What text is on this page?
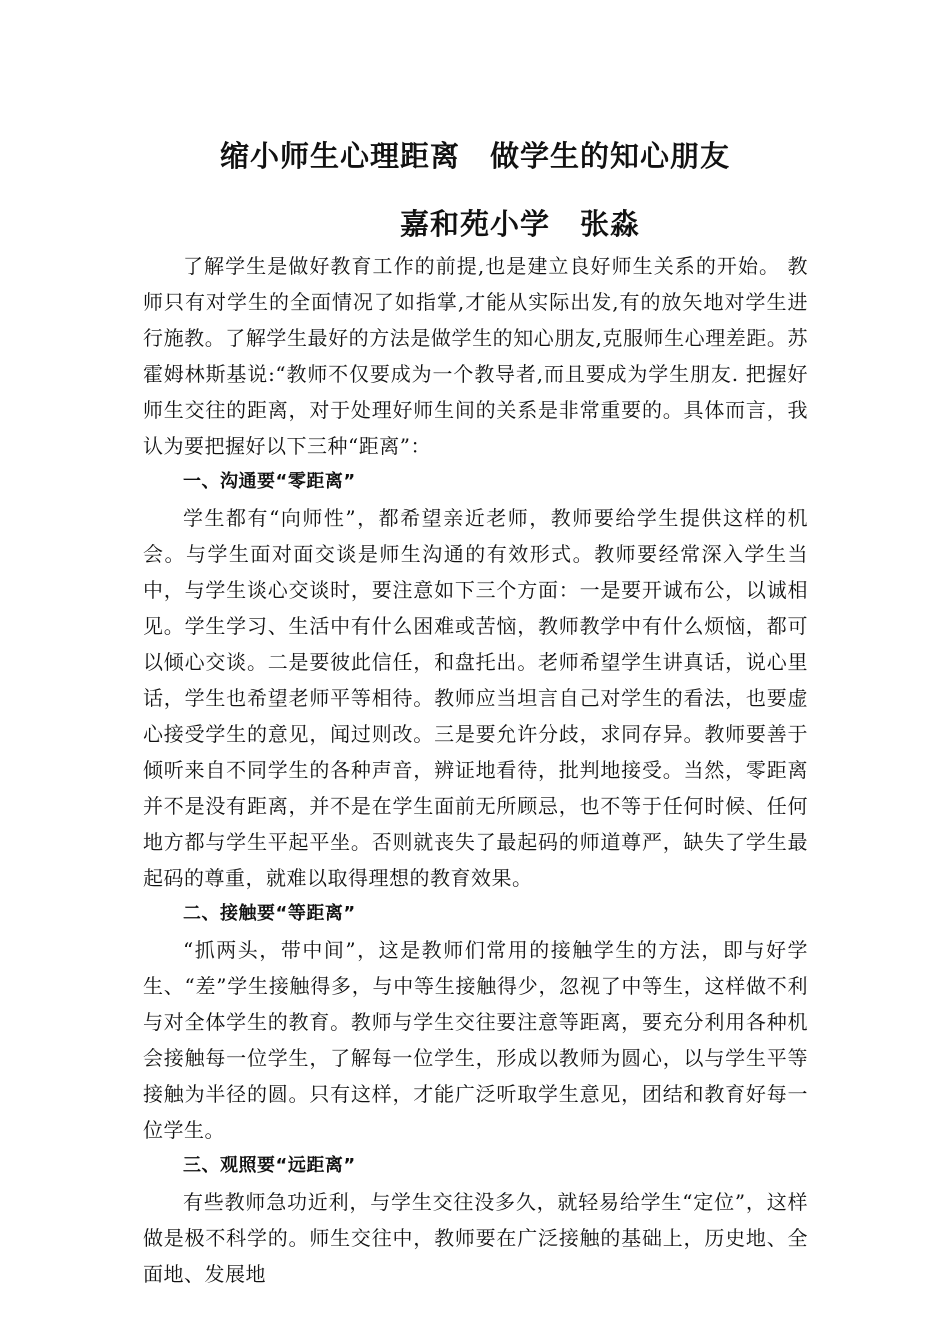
缩小师生心理距离　做学生的知心朋友
嘉和苑小学　张淼

了解学生是做好教育工作的前提,也是建立良好师生关系的开始。 教师只有对学生的全面情况了如指掌,才能从实际出发,有的放矢地对学生进行施教。了解学生最好的方法是做学生的知心朋友,克服师生心理差距。苏霍姆林斯基说:“教师不仅要成为一个教导者,而且要成为学生朋友. 把握好师生交往的距离，对于处理好师生间的关系是非常重要的。具体而言，我认为要把握好以下三种“距离”：

一、沟通要“零距离”

学生都有“向师性”，都希望亲近老师，教师要给学生提供这样的机会。与学生面对面交谈是师生沟通的有效形式。教师要经常深入学生当中，与学生谈心交谈时，要注意如下三个方面：一是要开诚布公，以诚相见。学生学习、生活中有什么困难或苦恼，教师教学中有什么烦恼，都可以倾心交谈。二是要彼此信任，和盘托出。老师希望学生讲真话，说心里话，学生也希望老师平等相待。教师应当坦言自己对学生的看法，也要虚心接受学生的意见，闻过则改。三是要允许分歧，求同存异。教师要善于倾听来自不同学生的各种声音，辨证地看待，批判地接受。当然，零距离并不是没有距离，并不是在学生面前无所顾忌，也不等于任何时候、任何地方都与学生平起平坐。否则就丧失了最起码的师道尊严，缺失了学生最起码的尊重，就难以取得理想的教育效果。

二、接触要“等距离”

“抓两头，带中间”，这是教师们常用的接触学生的方法，即与好学生、“差”学生接触得多，与中等生接触得少，忽视了中等生，这样做不利与对全体学生的教育。教师与学生交往要注意等距离，要充分利用各种机会接触每一位学生，了解每一位学生，形成以教师为圆心，以与学生平等接触为半径的圆。只有这样，才能广泛听取学生意见，团结和教育好每一位学生。

三、观照要“远距离”

有些教师急功近利，与学生交往没多久，就轻易给学生“定位”，这样做是极不科学的。师生交往中，教师要在广泛接触的基础上，历史地、全面地、发展地
